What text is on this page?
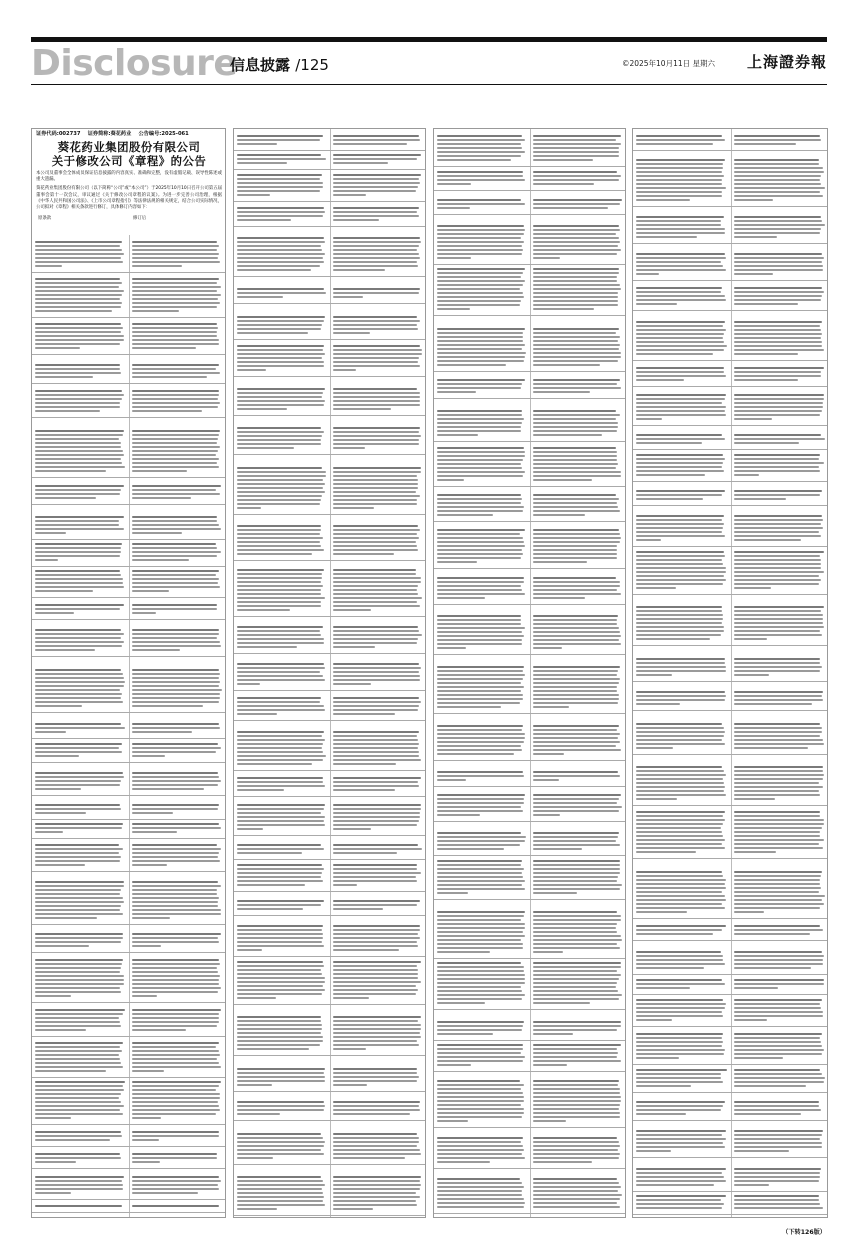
Disclosure
信息披露 /125	©2025年10月11日 星期六 上海證券報
证券代码:002737 证券简称:葵花药业 公告编号:2025-061
葵花药业集团股份有限公司
关于修改公司《章程》的公告
本公司及董事会全体成员保证信息披露的内容真实、准确和完整，没有虚假记载、误导性陈述或重大遗漏。
葵花药业集团股份有限公司（以下简称“公司”或“本公司”）于2025年10月10日召开公司第五届董事会第十一次会议，审议通过《关于修改公司章程的议案》。为进一步完善公司治理，根据《中华人民共和国公司法》、《上市公司章程指引》等法律法规的相关规定，结合公司实际情况，公司拟对《章程》相关条款进行修订，具体修订内容如下：
原条款	修订后
（下转126版）
